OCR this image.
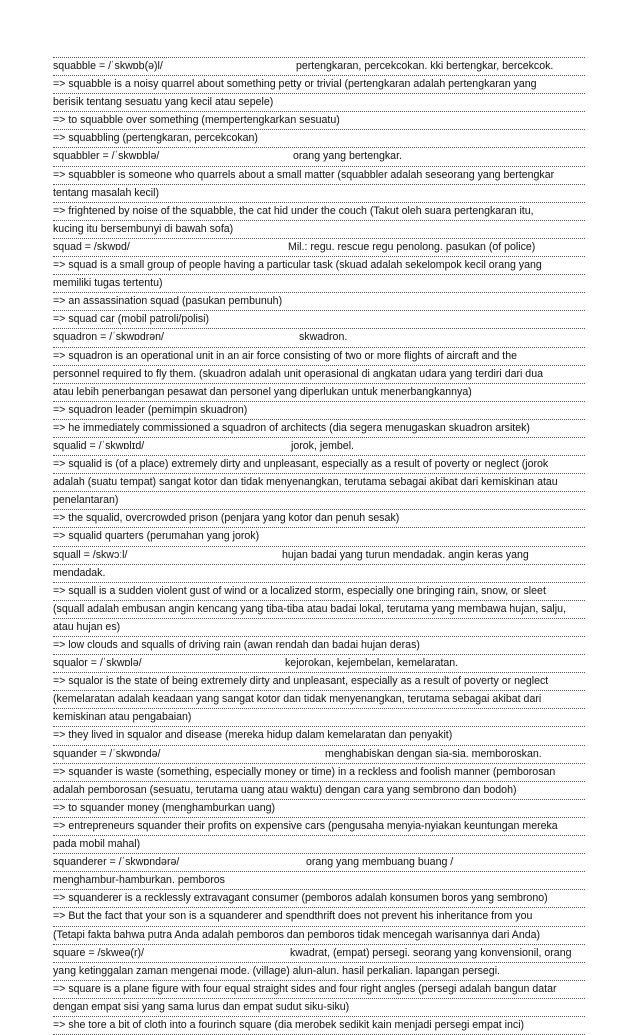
squabble = /ˈskwɒb(ə)l/	pertengkaran, percekcokan. kki bertengkar, bercekcok.
=> squabble is a noisy quarrel about something petty or trivial (pertengkaran adalah pertengkaran yang
berisik tentang sesuatu yang kecil atau sepele)
=> to squabble over something (mempertengkarkan sesuatu)
=> squabbling (pertengkaran, percekcokan)
squabbler = /ˈskwɒblə/	orang yang bertengkar.
=> squabbler is someone who quarrels about a small matter (squabbler adalah seseorang yang bertengkar
tentang masalah kecil)
=> frightened by noise of the squabble, the cat hid under the couch (Takut oleh suara pertengkaran itu,
kucing itu bersembunyi di bawah sofa)
squad = /skwɒd/	Mil.: regu. rescue regu penolong. pasukan (of police)
=> squad is a small group of people having a particular task (skuad adalah sekelompok kecil orang yang
memiliki tugas tertentu)
=> an assassination squad (pasukan pembunuh)
=> squad car (mobil patroli/polisi)
squadron = /ˈskwɒdrən/	skwadron.
=> squadron is an operational unit in an air force consisting of two or more flights of aircraft and the
personnel required to fly them. (skuadron adalah unit operasional di angkatan udara yang terdiri dari dua
atau lebih penerbangan pesawat dan personel yang diperlukan untuk menerbangkannya)
=> squadron leader (pemimpin skuadron)
=> he immediately commissioned a squadron of architects (dia segera menugaskan skuadron arsitek)
squalid = /ˈskwɒlɪd/	jorok, jembel.
=> squalid is (of a place) extremely dirty and unpleasant, especially as a result of poverty or neglect (jorok
adalah (suatu tempat) sangat kotor dan tidak menyenangkan, terutama sebagai akibat dari kemiskinan atau
penelantaran)
=> the squalid, overcrowded prison (penjara yang kotor dan penuh sesak)
=> squalid quarters (perumahan yang jorok)
squall = /skwɔːl/	hujan badai yang turun mendadak. angin keras yang
mendadak.
=> squall is a sudden violent gust of wind or a localized storm, especially one bringing rain, snow, or sleet
(squall adalah embusan angin kencang yang tiba-tiba atau badai lokal, terutama yang membawa hujan, salju,
atau hujan es)
=> low clouds and squalls of driving rain (awan rendah dan badai hujan deras)
squalor = /ˈskwɒlə/	kejorokan, kejembelan, kemelaratan.
=> squalor is the state of being extremely dirty and unpleasant, especially as a result of poverty or neglect
(kemelaratan adalah keadaan yang sangat kotor dan tidak menyenangkan, terutama sebagai akibat dari
kemiskinan atau pengabaian)
=> they lived in squalor and disease (mereka hidup dalam kemelaratan dan penyakit)
squander = /ˈskwɒndə/	menghabiskan dengan sia-sia. memboroskan.
=> squander is waste (something, especially money or time) in a reckless and foolish manner (pemborosan
adalah pemborosan (sesuatu, terutama uang atau waktu) dengan cara yang sembrono dan bodoh)
=> to squander money (menghamburkan uang)
=> entrepreneurs squander their profits on expensive cars (pengusaha menyia-nyiakan keuntungan mereka
pada mobil mahal)
squanderer = /ˈskwɒndərə/	orang yang membuang buang /
menghambur-hamburkan. pemboros
=> squanderer is a recklessly extravagant consumer (pemboros adalah konsumen boros yang sembrono)
=> But the fact that your son is a squanderer and spendthrift does not prevent his inheritance from you
(Tetapi fakta bahwa putra Anda adalah pemboros dan pemboros tidak mencegah warisannya dari Anda)
square = /skweə(r)/	kwadrat, (empat) persegi. seorang yang konvensionil, orang
yang ketinggalan zaman mengenai mode. (village) alun-alun. hasil perkalian. lapangan persegi.
=> square is a plane figure with four equal straight sides and four right angles (persegi adalah bangun datar
dengan empat sisi yang sama lurus dan empat sudut siku-siku)
=> she tore a bit of cloth into a fourinch square (dia merobek sedikit kain menjadi persegi empat inci)
